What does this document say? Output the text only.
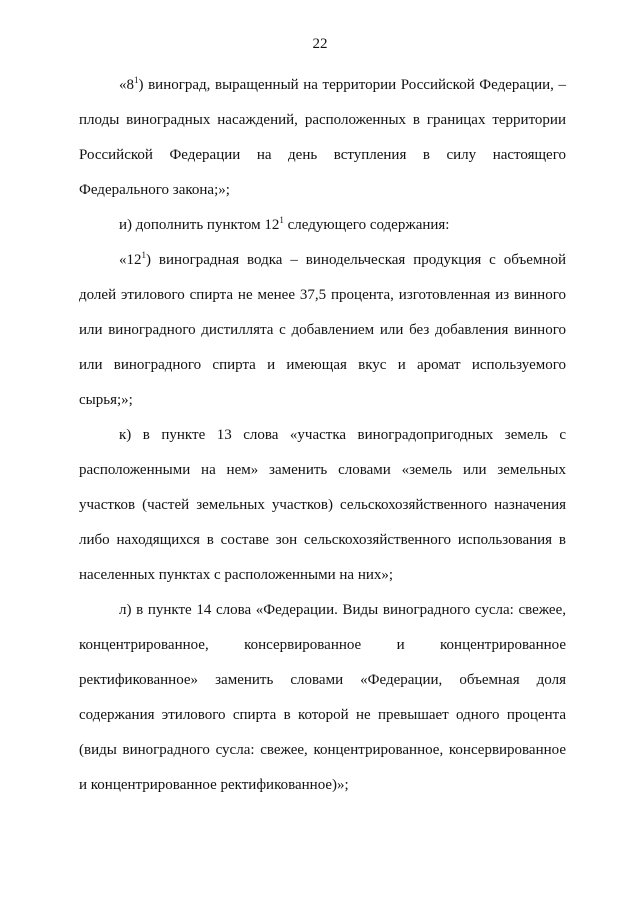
22
«$8^1$) виноград, выращенный на территории Российской Федерации, –
плоды виноградных насаждений, расположенных в границах территории
Российской Федерации на день вступления в силу настоящего
Федерального закона;»;
и) дополнить пунктом $12^1$ следующего содержания:
«$12^1$) виноградная водка – винодельческая продукция с объемной
долей этилового спирта не менее 37,5 процента, изготовленная из винного
или виноградного дистиллята с добавлением или без добавления винного
или виноградного спирта и имеющая вкус и аромат используемого
сырья;»;
к) в пункте 13 слова «участка виноградопригодных земель с
расположенными на нем» заменить словами «земель или земельных
участков (частей земельных участков) сельскохозяйственного назначения
либо находящихся в составе зон сельскохозяйственного использования в
населенных пунктах с расположенными на них»;
л) в пункте 14 слова «Федерации. Виды виноградного сусла: свежее,
концентрированное, консервированное и концентрированное
ректификованное» заменить словами «Федерации, объемная доля
содержания этилового спирта в которой не превышает одного процента
(виды виноградного сусла: свежее, концентрированное, консервированное
и концентрированное ректификованное)»;
